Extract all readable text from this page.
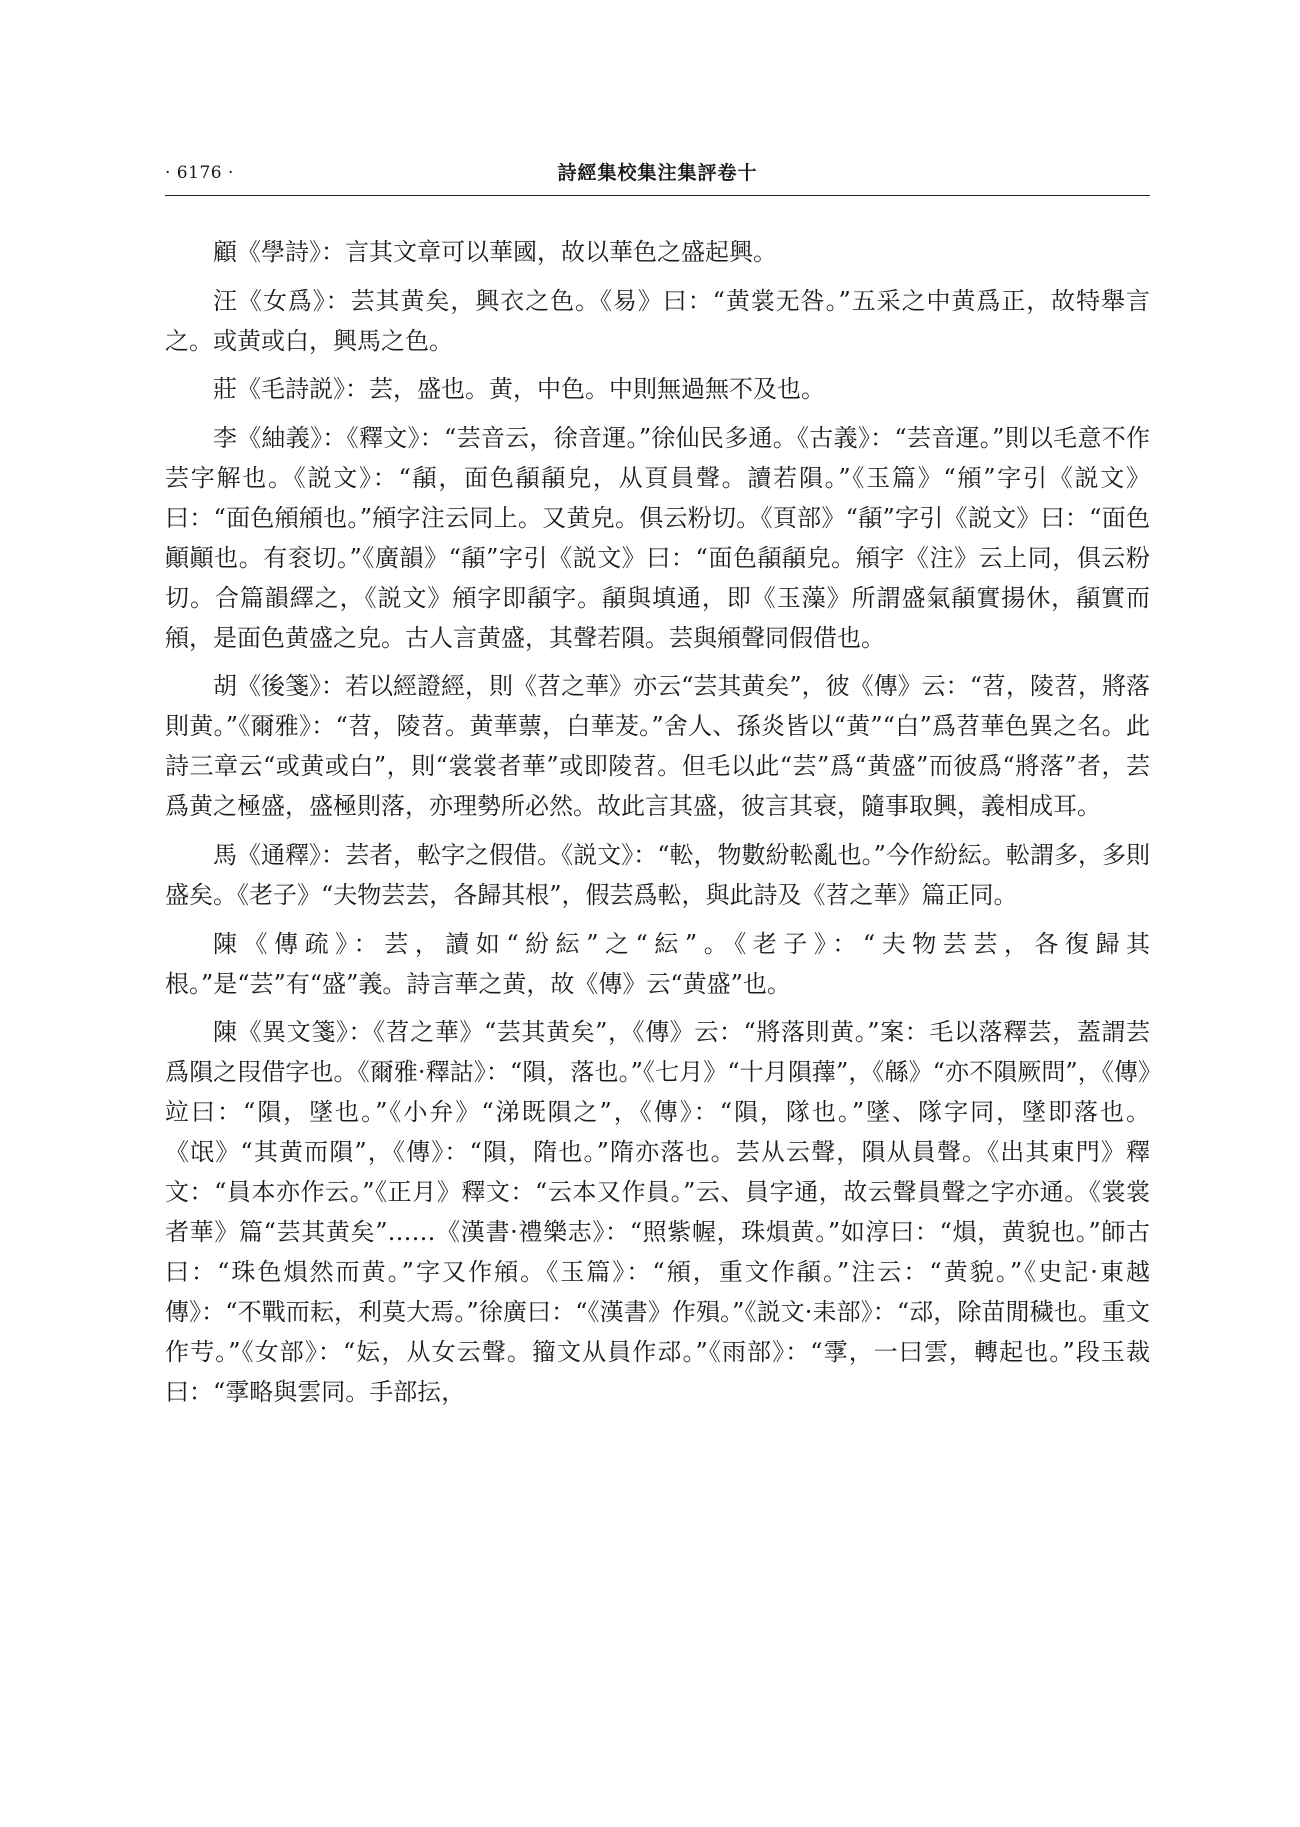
· 6176 ·	詩經集校集注集評卷十

顧《學詩》：言其文章可以華國，故以華色之盛起興。

汪《女爲》：芸其黄矣，興衣之色。《易》曰：“黄裳无咎。”五采之中黄爲正，故特舉言之。或黄或白，興馬之色。

莊《毛詩説》：芸，盛也。黄，中色。中則無過無不及也。

李《紬義》：《釋文》：“芸音云，徐音運。”徐仙民多通。《古義》：“芸音運。”則以毛意不作芸字解也。《説文》：“䫇，面色䫇䫇皃，从頁員聲。讀若隕。”《玉篇》“䪻”字引《説文》曰：“面色䪻䪻也。”䪻字注云同上。又黄皃。俱云粉切。《頁部》“䫇”字引《説文》曰：“面色顚顚也。有衮切。”《廣韻》“䫇”字引《説文》曰：“面色䫇䫇皃。䪻字《注》云上同，俱云粉切。合篇韻繹之，《説文》䪻字即䫇字。䫇與填通，即《玉藻》所謂盛氣䫇實揚休，䫇實而䪻，是面色黄盛之皃。古人言黄盛，其聲若隕。芸與䪻聲同假借也。

胡《後箋》：若以經證經，則《苕之華》亦云“芸其黄矣”，彼《傳》云：“苕，陵苕，將落則黄。”《爾雅》：“苕，陵苕。黄華蔈，白華茇。”舍人、孫炎皆以“黄”“白”爲苕華色異之名。此詩三章云“或黄或白”，則“裳裳者華”或即陵苕。但毛以此“芸”爲“黄盛”而彼爲“將落”者，芸爲黄之極盛，盛極則落，亦理勢所必然。故此言其盛，彼言其衰，隨事取興，義相成耳。

馬《通釋》：芸者，䡆字之假借。《説文》：“䡆，物數紛䡆亂也。”今作紛紜。䡆謂多，多則盛矣。《老子》“夫物芸芸，各歸其根”，假芸爲䡆，與此詩及《苕之華》篇正同。

陳《傳疏》：芸，讀如“紛紜”之“紜”。《老子》：“夫物芸芸，各復歸其根。”是“芸”有“盛”義。詩言華之黄，故《傳》云“黄盛”也。

陳《異文箋》：《苕之華》“芸其黄矣”，《傳》云：“將落則黄。”案：毛以落釋芸，蓋謂芸爲隕之叚借字也。《爾雅·釋詁》：“隕，落也。”《七月》“十月隕蘀”，《緜》“亦不隕厥問”，《傳》竝曰：“隕，墜也。”《小弁》“涕既隕之”，《傳》：“隕，隊也。”墜、隊字同，墜即落也。《氓》“其黄而隕”，《傳》：“隕，隋也。”隋亦落也。芸从云聲，隕从員聲。《出其東門》釋文：“員本亦作云。”《正月》釋文：“云本又作員。”云、員字通，故云聲員聲之字亦通。《裳裳者華》篇“芸其黄矣”……《漢書·禮樂志》：“照紫幄，珠熉黄。”如淳曰：“熉，黄貌也。”師古曰：“珠色熉然而黄。”字又作䪻。《玉篇》：“䪻，重文作䫇。”注云：“黄貌。”《史記·東越傳》：“不戰而耘，利莫大焉。”徐廣曰：“《漢書》作殞。”《説文·耒部》：“䢵，除苗閒穢也。重文作䒓。”《女部》：“妘，从女云聲。籀文从員作䢵。”《雨部》：“䨗，一曰雲，轉起也。”段玉裁曰：“䨗略與雲同。手部抎，
